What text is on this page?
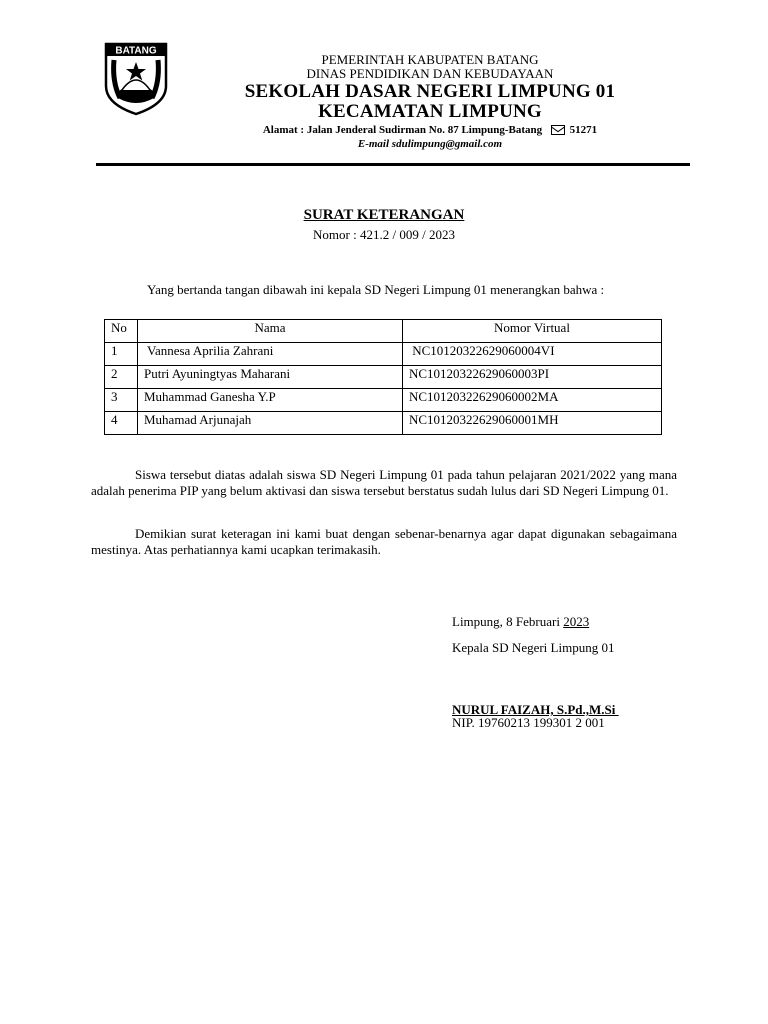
BATANG
PEMERINTAH KABUPATEN BATANG
DINAS PENDIDIKAN DAN KEBUDAYAAN
SEKOLAH DASAR NEGERI LIMPUNG 01
KECAMATAN LIMPUNG
Alamat : Jalan Jenderal Sudirman No. 87 Limpung-Batang	51271
E-mail sdulimpung@gmail.com
SURAT KETERANGAN
Nomor : 421.2 / 009 / 2023
Yang bertanda tangan dibawah ini kepala SD Negeri Limpung 01 menerangkan bahwa :
No	Nama	Nomor Virtual
1	Vannesa Aprilia Zahrani	NC10120322629060004VI
2	Putri Ayuningtyas Maharani	NC10120322629060003PI
3	Muhammad Ganesha Y.P	NC10120322629060002MA
4	Muhamad Arjunajah	NC10120322629060001MH
Siswa tersebut diatas adalah siswa SD Negeri Limpung 01 pada tahun pelajaran 2021/2022 yang mana adalah penerima PIP yang belum aktivasi dan siswa tersebut berstatus sudah lulus dari SD Negeri Limpung 01.
Demikian surat keteragan ini kami buat dengan sebenar-benarnya agar dapat digunakan sebagaimana mestinya. Atas perhatiannya kami ucapkan terimakasih.
Limpung, 8 Februari 2023
Kepala SD Negeri Limpung 01
NURUL FAIZAH, S.Pd.,M.Si
NIP. 19760213 199301 2 001
